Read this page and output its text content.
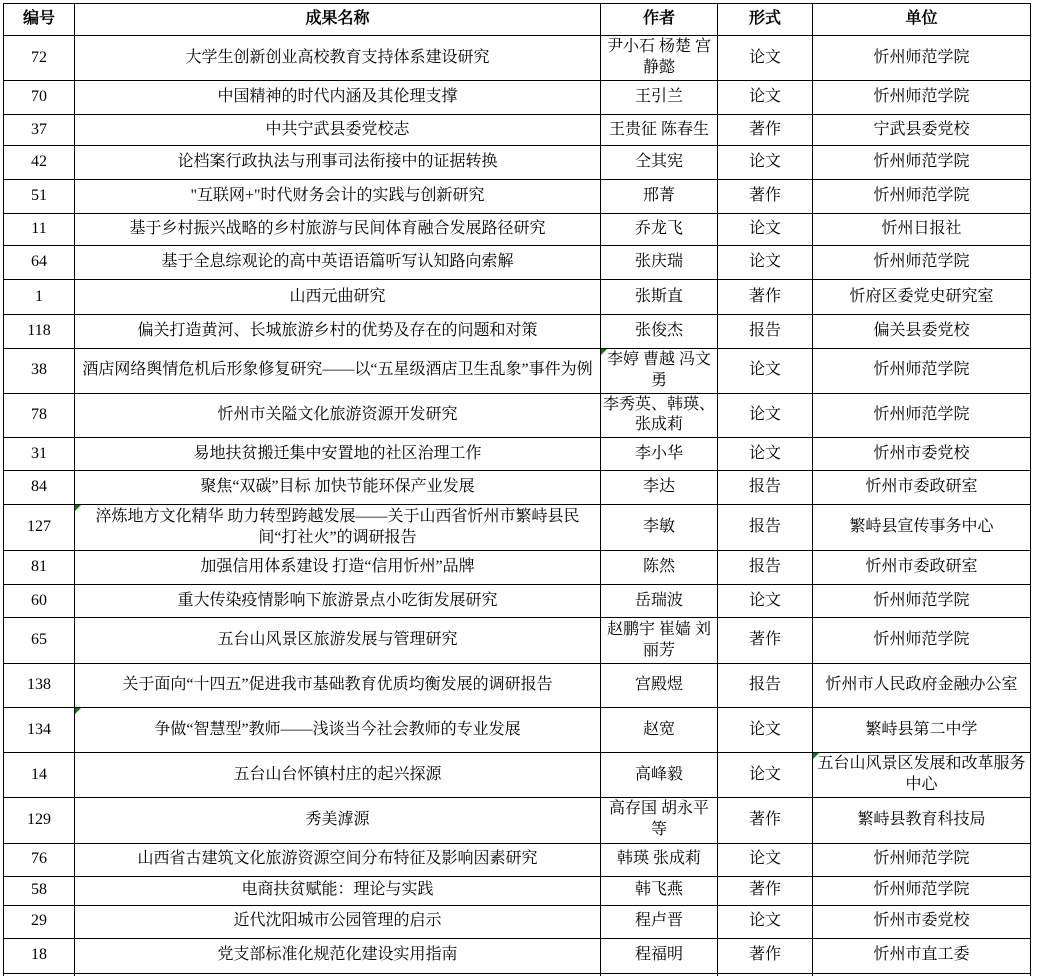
编号	成果名称	作者	形式	单位
72	大学生创新创业高校教育支持体系建设研究	尹小石 杨楚 宫静懿	论文	忻州师范学院
70	中国精神的时代内涵及其伦理支撑	王引兰	论文	忻州师范学院
37	中共宁武县委党校志	王贵征 陈春生	著作	宁武县委党校
42	论档案行政执法与刑事司法衔接中的证据转换	仝其宪	论文	忻州师范学院
51	"互联网+"时代财务会计的实践与创新研究	邢菁	著作	忻州师范学院
11	基于乡村振兴战略的乡村旅游与民间体育融合发展路径研究	乔龙飞	论文	忻州日报社
64	基于全息综观论的高中英语语篇听写认知路向索解	张庆瑞	论文	忻州师范学院
1	山西元曲研究	张斯直	著作	忻府区委党史研究室
118	偏关打造黄河、长城旅游乡村的优势及存在的问题和对策	张俊杰	报告	偏关县委党校
38	酒店网络舆情危机后形象修复研究——以“五星级酒店卫生乱象”事件为例	李婷 曹越 冯文勇	论文	忻州师范学院
78	忻州市关隘文化旅游资源开发研究	李秀英、韩瑛、张成莉	论文	忻州师范学院
31	易地扶贫搬迁集中安置地的社区治理工作	李小华	论文	忻州市委党校
84	聚焦“双碳”目标 加快节能环保产业发展	李达	报告	忻州市委政研室
127	淬炼地方文化精华 助力转型跨越发展——关于山西省忻州市繁峙县民间“打社火”的调研报告	李敏	报告	繁峙县宣传事务中心
81	加强信用体系建设 打造“信用忻州”品牌	陈然	报告	忻州市委政研室
60	重大传染疫情影响下旅游景点小吃街发展研究	岳瑞波	论文	忻州师范学院
65	五台山风景区旅游发展与管理研究	赵鹏宇 崔嫱 刘丽芳	著作	忻州师范学院
138	关于面向“十四五”促进我市基础教育优质均衡发展的调研报告	宫殿煜	报告	忻州市人民政府金融办公室
134	争做“智慧型”教师——浅谈当今社会教师的专业发展	赵宽	论文	繁峙县第二中学
14	五台山台怀镇村庄的起兴探源	高峰毅	论文	五台山风景区发展和改革服务中心

129	秀美滹源	高存国 胡永平 等	著作	繁峙县教育科技局
76	山西省古建筑文化旅游资源空间分布特征及影响因素研究	韩瑛 张成莉	论文	忻州师范学院
58	电商扶贫赋能：理论与实践	韩飞燕	著作	忻州师范学院
29	近代沈阳城市公园管理的启示	程卢晋	论文	忻州市委党校
18	党支部标准化规范化建设实用指南	程福明	著作	忻州市直工委
